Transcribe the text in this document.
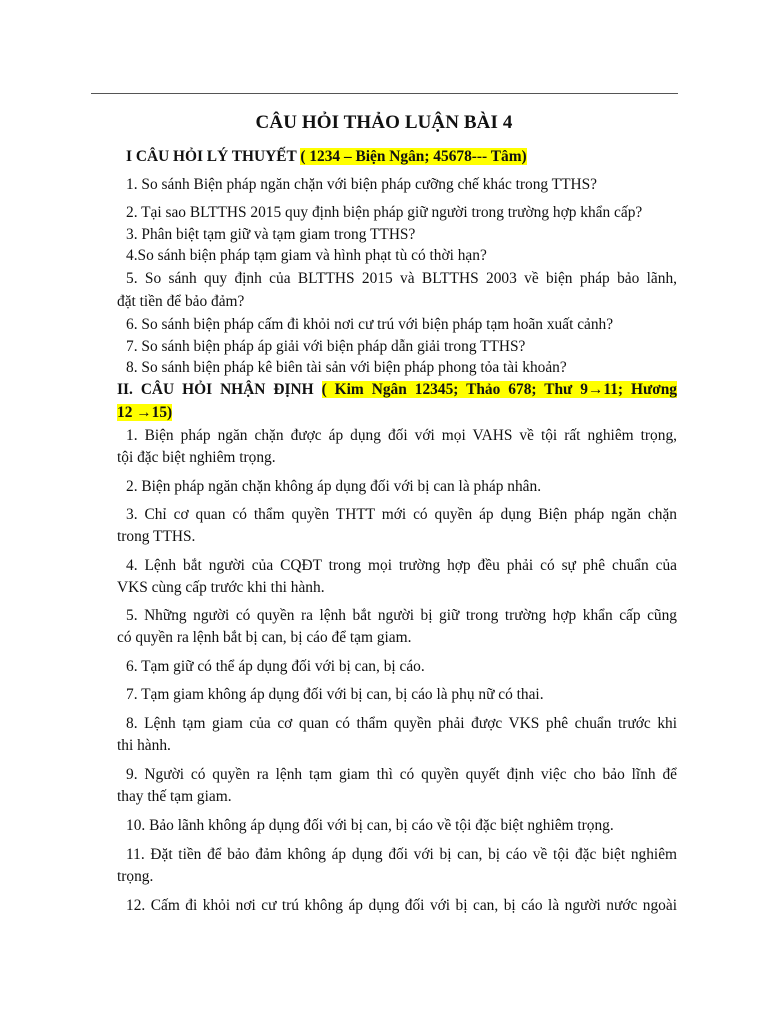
CÂU HỎI THẢO LUẬN BÀI 4
I CÂU HỎI LÝ THUYẾT ( 1234 – Biện Ngân; 45678--- Tâm)
1. So sánh Biện pháp ngăn chặn với biện pháp cưỡng chế khác trong TTHS?
2. Tại sao BLTTHS 2015 quy định biện pháp giữ người trong trường hợp khẩn cấp?
3. Phân biệt tạm giữ và tạm giam trong TTHS?
4.So sánh biện pháp tạm giam và hình phạt tù có thời hạn?
5. So sánh quy định của BLTTHS 2015 và BLTTHS 2003 về biện pháp bảo lãnh,
đặt tiền để bảo đảm?
6. So sánh biện pháp cấm đi khỏi nơi cư trú với biện pháp tạm hoãn xuất cảnh?
7. So sánh biện pháp áp giải với biện pháp dẫn giải trong TTHS?
8. So sánh biện pháp kê biên tài sản với biện pháp phong tỏa tài khoản?
II. CÂU HỎI NHẬN ĐỊNH ( Kim Ngân 12345; Thảo 678; Thư 9→11; Hương
12 →15)
1. Biện pháp ngăn chặn được áp dụng đối với mọi VAHS về tội rất nghiêm trọng,
tội đặc biệt nghiêm trọng.
2. Biện pháp ngăn chặn không áp dụng đối với bị can là pháp nhân.
3. Chỉ cơ quan có thẩm quyền THTT mới có quyền áp dụng Biện pháp ngăn chặn
trong TTHS.
4. Lệnh bắt người của CQĐT trong mọi trường hợp đều phải có sự phê chuẩn của
VKS cùng cấp trước khi thi hành.
5. Những người có quyền ra lệnh bắt người bị giữ trong trường hợp khẩn cấp cũng
có quyền ra lệnh bắt bị can, bị cáo để tạm giam.
6. Tạm giữ có thể áp dụng đối với bị can, bị cáo.
7. Tạm giam không áp dụng đối với bị can, bị cáo là phụ nữ có thai.
8. Lệnh tạm giam của cơ quan có thẩm quyền phải được VKS phê chuẩn trước khi
thi hành.
9. Người có quyền ra lệnh tạm giam thì có quyền quyết định việc cho bảo lĩnh để
thay thế tạm giam.
10. Bảo lãnh không áp dụng đối với bị can, bị cáo về tội đặc biệt nghiêm trọng.
11. Đặt tiền để bảo đảm không áp dụng đối với bị can, bị cáo về tội đặc biệt nghiêm
trọng.
12. Cấm đi khỏi nơi cư trú không áp dụng đối với bị can, bị cáo là người nước ngoài
